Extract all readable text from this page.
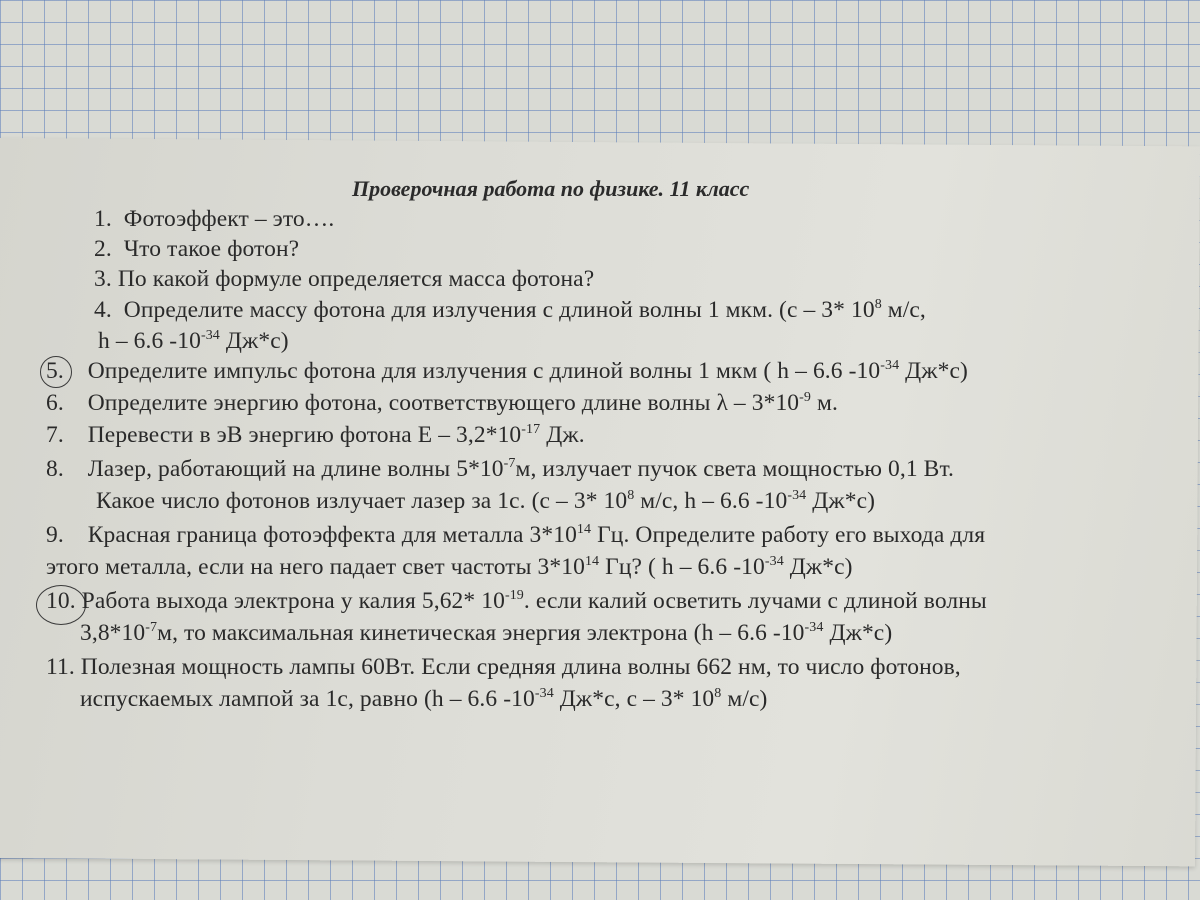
Проверочная работа по физике. 11 класс
1. Фотоэффект – это….
2. Что такое фотон?
3. По какой формуле определяется масса фотона?
4. Определите массу фотона для излучения с длиной волны 1 мкм. (c – 3* $10^8$ м/с,
h – 6.6 $-10^{-34}$ Дж*с)
5. Определите импульс фотона для излучения с длиной волны 1 мкм ( h – 6.6 $-10^{-34}$ Дж*с)
6. Определите энергию фотона, соответствующего длине волны λ – $3*10^{-9}$ м.
7. Перевести в эВ энергию фотона E – $3,2*10^{-17}$ Дж.
8. Лазер, работающий на длине волны $5*10^{-7}м$, излучает пучок света мощностью 0,1 Вт.
Какое число фотонов излучает лазер за 1с. (c – 3* $10^8$ м/с, h – 6.6 $-10^{-34}$ Дж*с)
9. Красная граница фотоэффекта для металла $3*10^{14}$ Гц. Определите работу его выхода для
этого металла, если на него падает свет частоты $3*10^{14}$ Гц? ( h – 6.6 $-10^{-34}$ Дж*с)
10. Работа выхода электрона у калия 5,62* $10^{-19}$. если калий осветить лучами с длиной волны
$3,8*10^{-7}м$, то максимальная кинетическая энергия электрона (h – 6.6 $-10^{-34}$ Дж*с)
11. Полезная мощность лампы 60Вт. Если средняя длина волны 662 нм, то число фотонов,
испускаемых лампой за 1с, равно (h – 6.6 $-10^{-34}$ Дж*с, c – 3* $10^8$ м/с)
